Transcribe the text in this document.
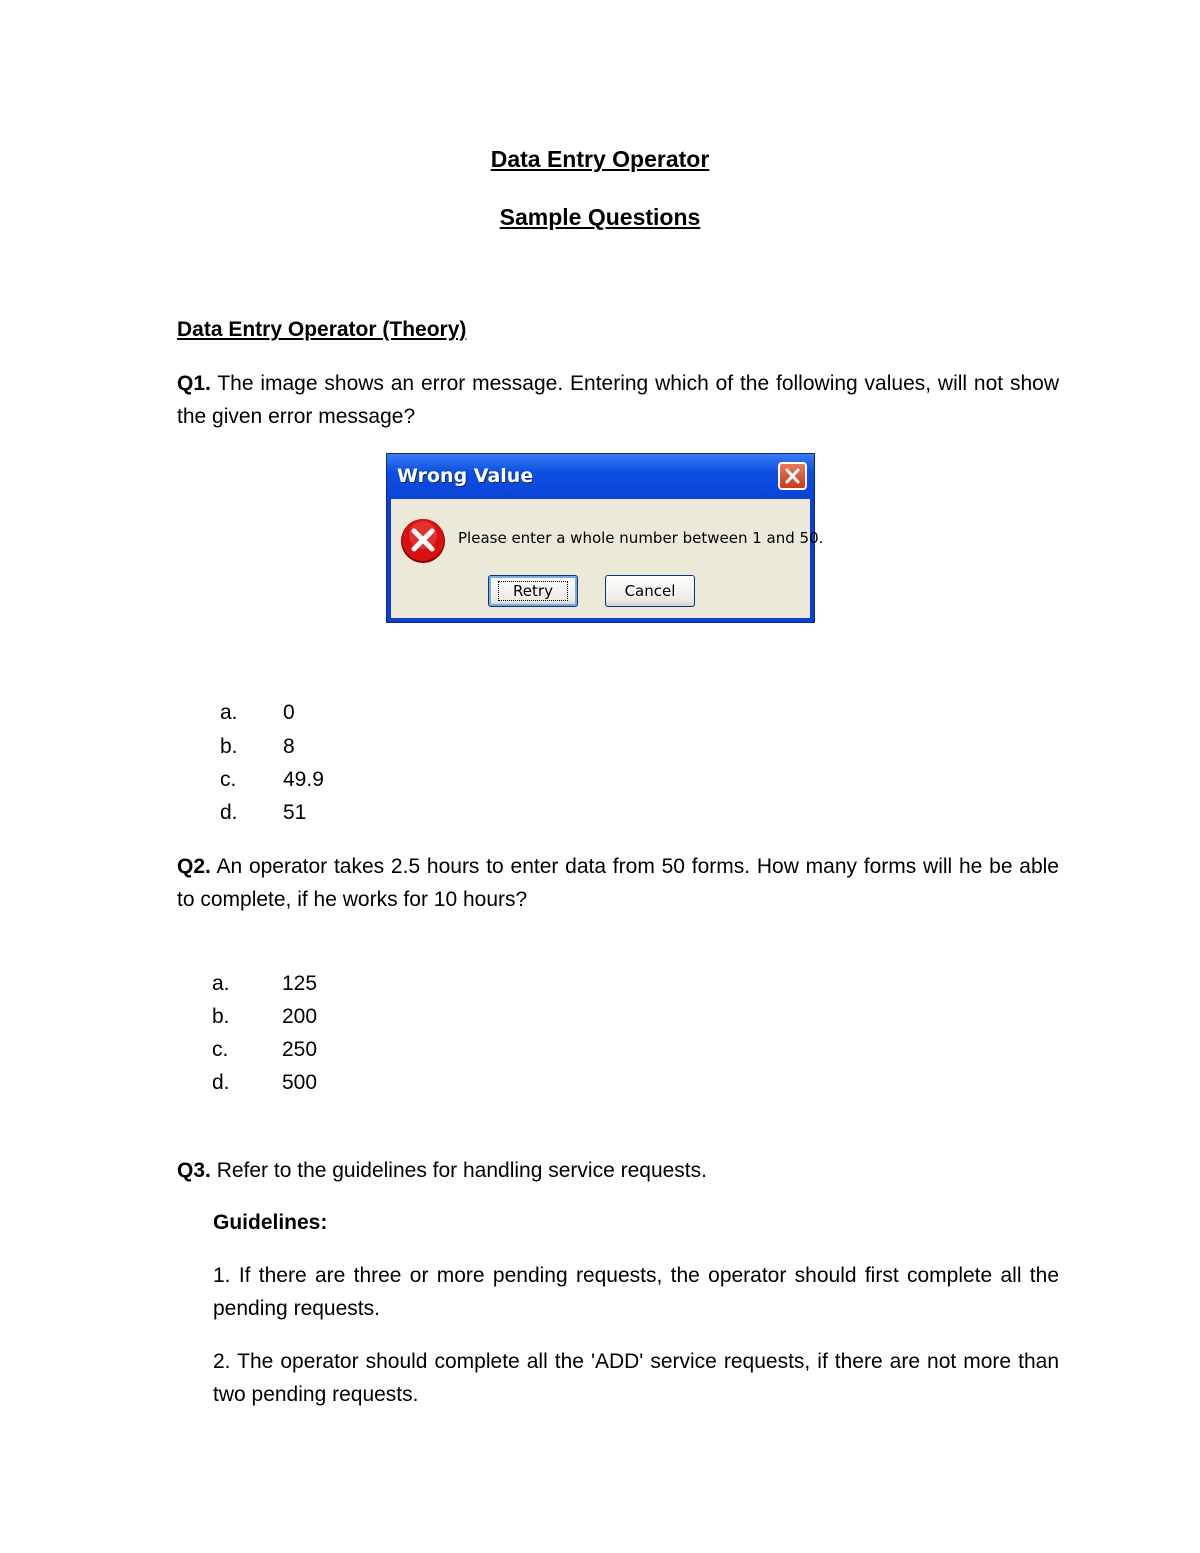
Data Entry Operator
Sample Questions
Data Entry Operator (Theory)
Q1. The image shows an error message. Entering which of the following values, will not show the given error message?
Wrong Value
Please enter a whole number between 1 and 50.
Retry	Cancel
a. 0
b. 8
c. 49.9
d. 51
Q2. An operator takes 2.5 hours to enter data from 50 forms. How many forms will he be able to complete, if he works for 10 hours?
a. 125
b. 200
c.	250
d. 500
Q3. Refer to the guidelines for handling service requests.
Guidelines:
1. If there are three or more pending requests, the operator should first complete all the pending requests.
2. The operator should complete all the 'ADD' service requests, if there are not more than two pending requests.
